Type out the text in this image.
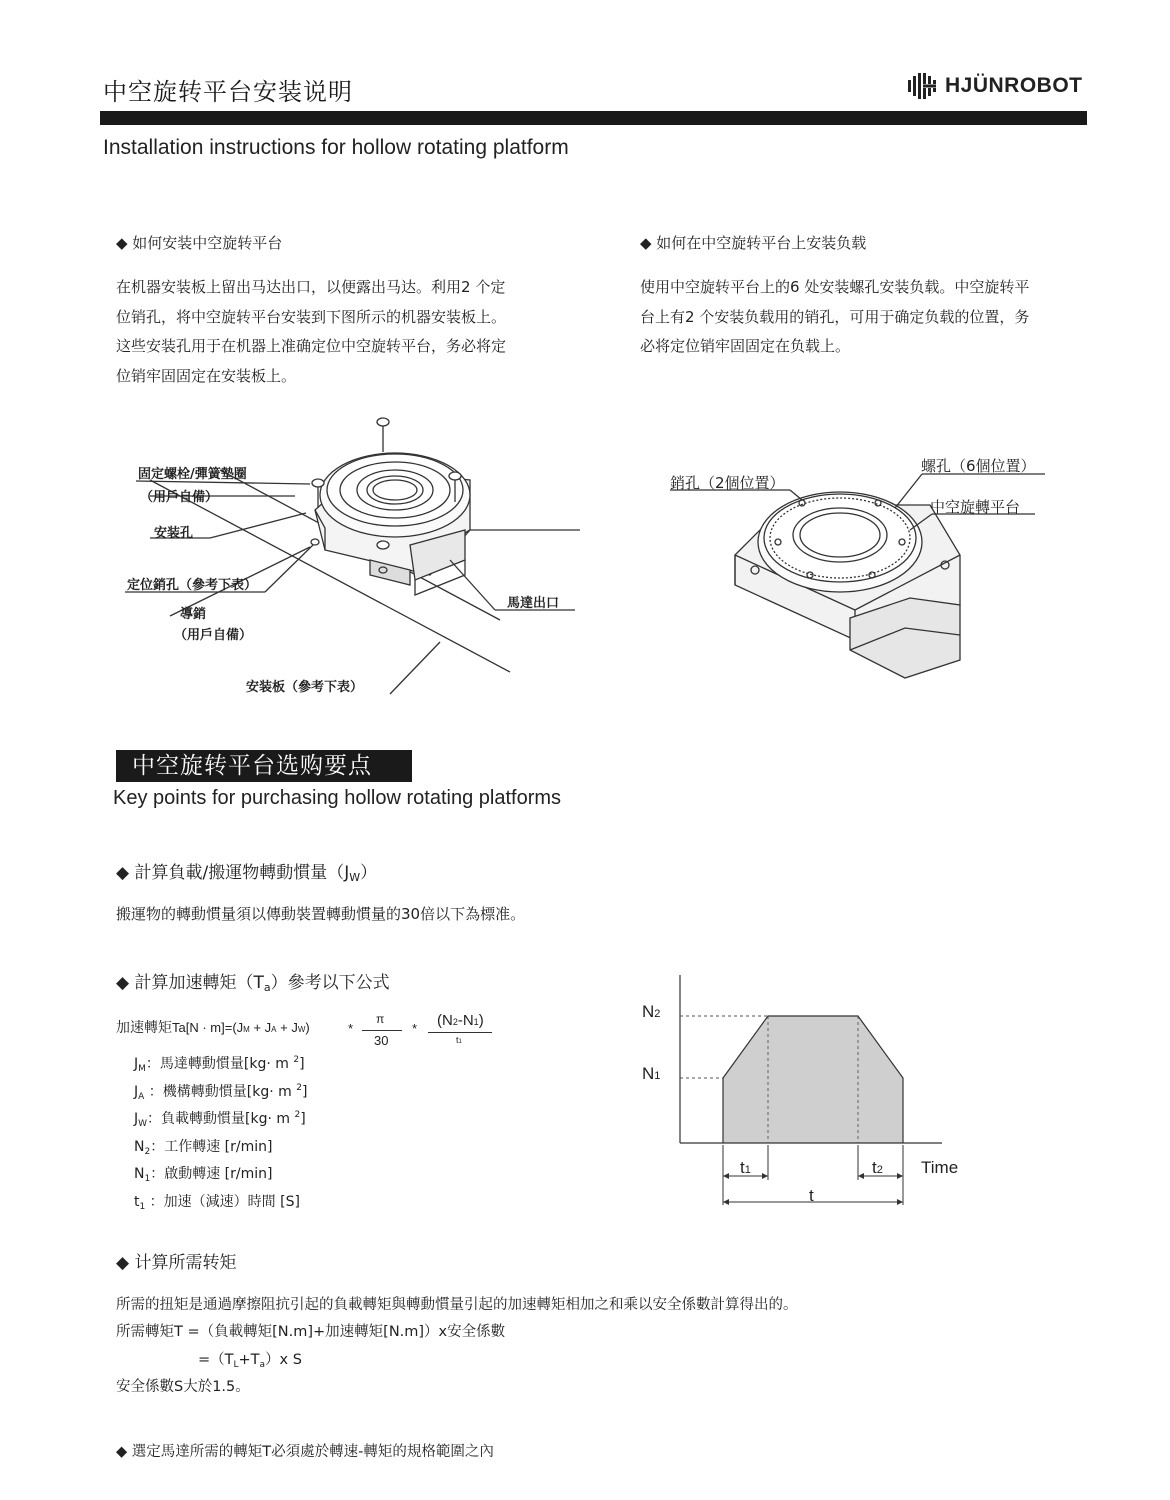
中空旋转平台安装说明	HJÜNROBOT
Installation instructions for hollow rotating platform
◆ 如何安装中空旋转平台
在机器安装板上留出马达出口，以便露出马达。利用2 个定
位销孔，将中空旋转平台安装到下图所示的机器安装板上。
这些安装孔用于在机器上准确定位中空旋转平台，务必将定
位销牢固固定在安装板上。
◆ 如何在中空旋转平台上安装负载
使用中空旋转平台上的6 处安装螺孔安装负载。中空旋转平
台上有2 个安装负载用的销孔，可用于确定负载的位置，务
必将定位销牢固固定在负载上。
固定螺栓/彈簧墊圈
（用戶自備）
安装孔
定位銷孔（參考下表）
導銷
（用戶自備）
馬達出口
安装板（參考下表）
螺孔（6個位置）
銷孔（2個位置）
中空旋轉平台
中空旋转平台选购要点
Key points for purchasing hollow rotating platforms
◆ 計算負載/搬運物轉動慣量（JW）
搬運物的轉動慣量須以傳動裝置轉動慣量的30倍以下為標准。
◆ 計算加速轉矩（Ta）參考以下公式
加速轉矩Ta[N · m]=(JM + JA + JW)	*
π
30
* (N2-N1)
t1
$J_M$：馬達轉動慣量[kg· m $^2$]
$J_A$ ：機構轉動慣量[kg· m $^2$]
$J_W$：負載轉動慣量[kg· m $^2$]
$N_2$：工作轉速 [r/min]
$N_1$：啟動轉速 [r/min]
$t_1$ ：加速（減速）時間 [S]
N2
N1
t1	t2 Time
t
◆ 计算所需转矩
所需的扭矩是通過摩擦阻抗引起的負載轉矩與轉動慣量引起的加速轉矩相加之和乘以安全係數計算得出的。
所需轉矩T =（負載轉矩[N.m]+加速轉矩[N.m]）x安全係數
$=(T_L+T_a)x$ S
安全係數S大於1.5。
◆ 選定馬達所需的轉矩T必須處於轉速-轉矩的規格範圍之內
